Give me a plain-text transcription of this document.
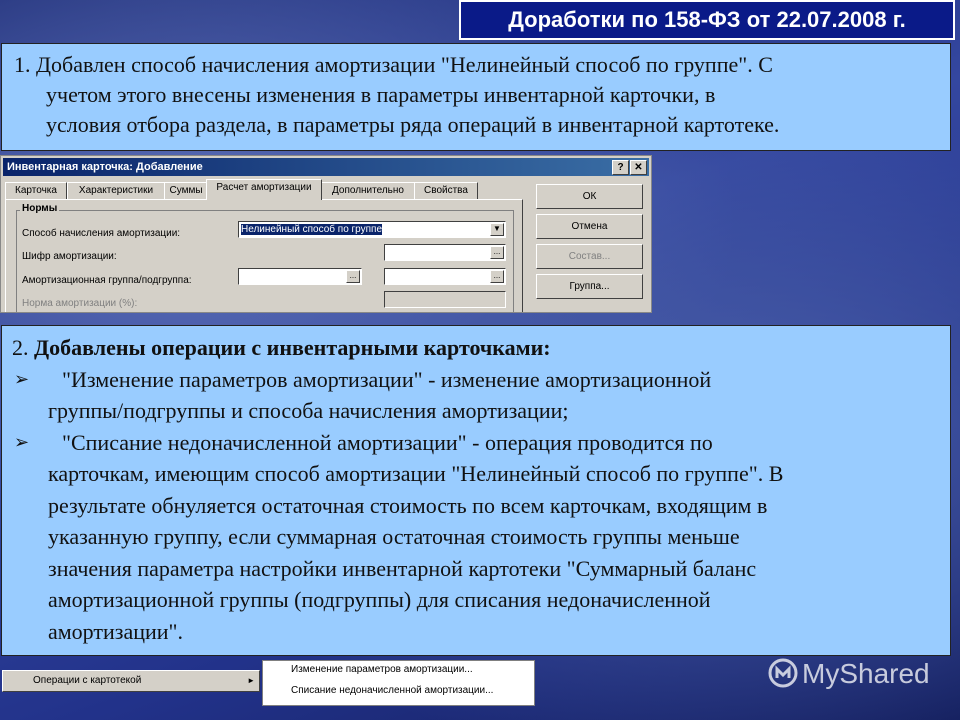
Доработки по 158-ФЗ от 22.07.2008 г.
1. Добавлен способ начисления амортизации "Нелинейный способ по группе". С
учетом этого внесены изменения в параметры инвентарной карточки, в
условия отбора раздела, в параметры ряда операций в инвентарной картотеке.
Инвентарная карточка: Добавление	?	✕
Карточка	Характеристики	Суммы	Расчет амортизации	Дополнительно	Свойства
Нормы
Способ начисления амортизации:	Нелинейный способ по группе	▼
Шифр амортизации:	...
Амортизационная группа/подгруппа:	...	...
Норма амортизации (%):
ОК
Отмена
Состав...
Группа...
2. Добавлены операции с инвентарными карточками:
➢	"Изменение параметров амортизации" - изменение амортизационной
группы/подгруппы и способа начисления амортизации;
➢	"Списание недоначисленной амортизации" - операция проводится по
карточкам, имеющим способ амортизации "Нелинейный способ по группе". В
результате обнуляется остаточная стоимость по всем карточкам, входящим в
указанную группу, если суммарная остаточная стоимость группы меньше
значения параметра настройки инвентарной картотеки "Суммарный баланс
амортизационной группы (подгруппы) для списания недоначисленной
амортизации".
Операции с картотекой	►
Изменение параметров амортизации...
Списание недоначисленной амортизации...
MyShared
